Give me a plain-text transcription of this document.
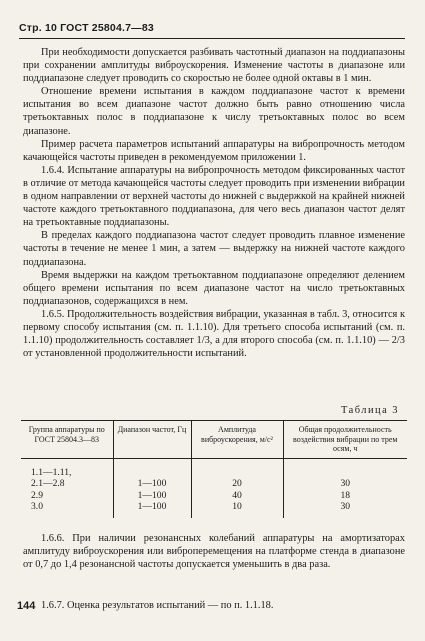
Стр. 10 ГОСТ 25804.7—83

При необходимости допускается разбивать частотный диапазон на поддиапазоны при сохранении амплитуды виброускорения. Изменение частоты в диапазоне или поддиапазоне следует проводить со скоростью не более одной октавы в 1 мин.

Отношение времени испытания в каждом поддиапазоне частот к времени испытания во всем диапазоне частот должно быть равно отношению числа третьоктавных полос в поддиапазоне к числу третьоктавных полос во всем диапазоне.

Пример расчета параметров испытаний аппаратуры на вибропрочность методом качающейся частоты приведен в рекомендуемом приложении 1.

1.6.4. Испытание аппаратуры на вибропрочность методом фиксированных частот в отличие от метода качающейся частоты следует проводить при изменении вибрации в одном направлении от верхней частоты до нижней с выдержкой на крайней нижней частоте каждого третьоктавного поддиапазона, для чего весь диапазон частот делят на третьоктавные поддиапазоны.

В пределах каждого поддиапазона частот следует проводить плавное изменение частоты в течение не менее 1 мин, а затем — выдержку на нижней частоте каждого поддиапазона.

Время выдержки на каждом третьоктавном поддиапазоне определяют делением общего времени испытания по всем диапазоне частот на число третьоктавных поддиапазонов, содержащихся в нем.

1.6.5. Продолжительность воздействия вибрации, указанная в табл. 3, относится к первому способу испытания (см. п. 1.1.10). Для третьего способа испытаний (см. п. 1.1.10) продолжительность составляет 1/3, а для второго способа (см. п. 1.1.10) — 2/3 от установленной продолжительности испытаний.

Таблица 3
Группа аппаратуры по ГОСТ 25804.3—83	Диапазон частот, Гц	Амплитуда виброускорения, м/с²	Общая продолжительность воздействия вибрации по трем осям, ч

1.1—1.11,			
2.1—2.8	1—100	20	30
2.9	1—100	40	18
3.0	1—100	10	30

1.6.6. При наличии резонансных колебаний аппаратуры на амортизаторах амплитуду виброускорения или виброперемещения на платформе стенда в диапазоне от 0,7 до 1,4 резонансной частоты допускается уменьшить в два раза.

144 1.6.7. Оценка результатов испытаний — по п. 1.1.18.
